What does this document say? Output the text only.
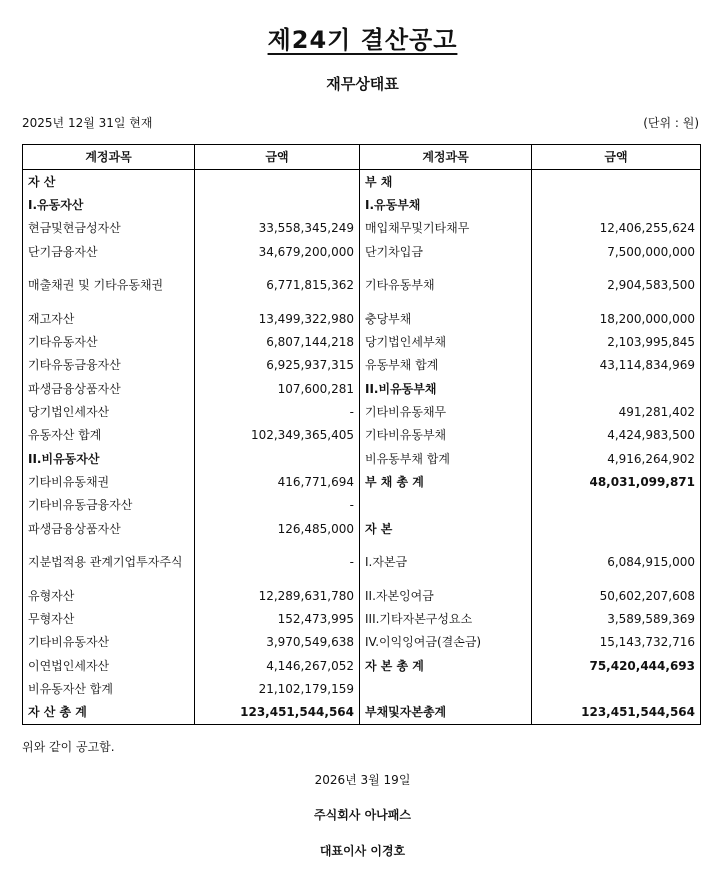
제24기 결산공고
재무상태표
2025년 12월 31일 현재	(단위 : 원)
계정과목	금액	계정과목	금액
자 산		부 채	
I.유동자산		I.유동부채	
현금및현금성자산	33,558,345,249	매입채무및기타채무	12,406,255,624
단기금융자산	34,679,200,000	단기차입금	7,500,000,000
매출채권 및 기타유동채권	6,771,815,362	기타유동부채	2,904,583,500
재고자산	13,499,322,980	충당부채	18,200,000,000
기타유동자산	6,807,144,218	당기법인세부채	2,103,995,845
기타유동금융자산	6,925,937,315	유동부채 합계	43,114,834,969
파생금융상품자산	107,600,281	II.비유동부채	
당기법인세자산	-	기타비유동채무	491,281,402
유동자산 합계	102,349,365,405	기타비유동부채	4,424,983,500
II.비유동자산		비유동부채 합계	4,916,264,902
기타비유동채권	416,771,694	부 채 총 계	48,031,099,871
기타비유동금융자산	-		
파생금융상품자산	126,485,000	자 본	
지분법적용 관계기업투자주식	-	I.자본금	6,084,915,000
유형자산	12,289,631,780	II.자본잉여금	50,602,207,608
무형자산	152,473,995	III.기타자본구성요소	3,589,589,369
기타비유동자산	3,970,549,638	IV.이익잉여금(결손금)	15,143,732,716
이연법인세자산	4,146,267,052	자 본 총 계	75,420,444,693
비유동자산 합계	21,102,179,159		
자 산 총 계	123,451,544,564	부채및자본총계	123,451,544,564
위와 같이 공고함.
2026년 3월 19일
주식회사 아나패스
대표이사 이경호
